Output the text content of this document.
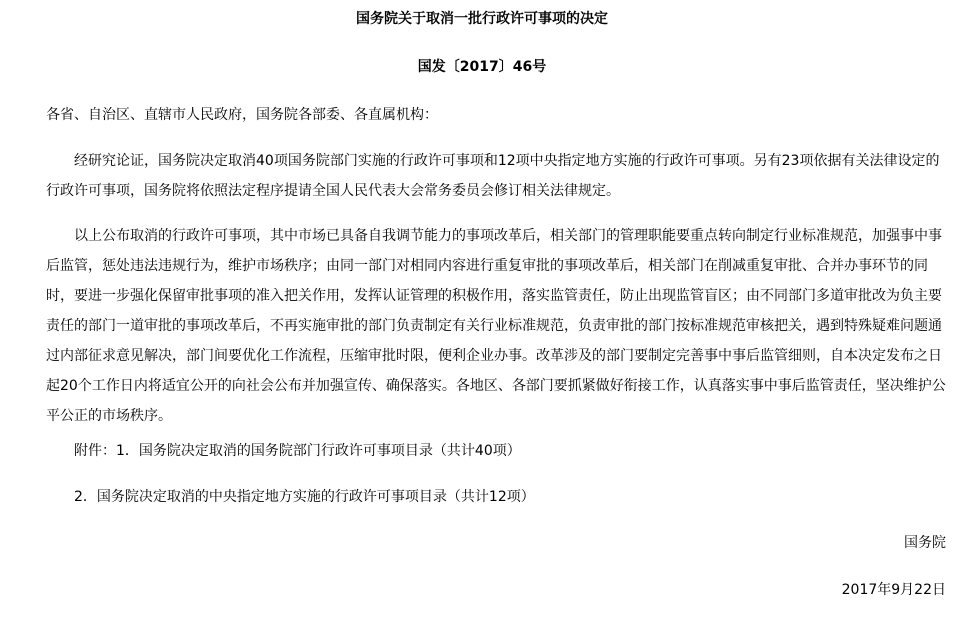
国务院关于取消一批行政许可事项的决定
国发〔2017〕46号
各省、自治区、直辖市人民政府，国务院各部委、各直属机构：

经研究论证，国务院决定取消40项国务院部门实施的行政许可事项和12项中央指定地方实施的行政许可事项。另有23项依据有关法律设定的行政许可事项，国务院将依照法定程序提请全国人民代表大会常务委员会修订相关法律规定。

以上公布取消的行政许可事项，其中市场已具备自我调节能力的事项改革后，相关部门的管理职能要重点转向制定行业标准规范，加强事中事后监管，惩处违法违规行为，维护市场秩序；由同一部门对相同内容进行重复审批的事项改革后，相关部门在削减重复审批、合并办事环节的同时，要进一步强化保留审批事项的准入把关作用，发挥认证管理的积极作用，落实监管责任，防止出现监管盲区；由不同部门多道审批改为负主要责任的部门一道审批的事项改革后，不再实施审批的部门负责制定有关行业标准规范，负责审批的部门按标准规范审核把关，遇到特殊疑难问题通过内部征求意见解决，部门间要优化工作流程，压缩审批时限，便利企业办事。改革涉及的部门要制定完善事中事后监管细则，自本决定发布之日起20个工作日内将适宜公开的向社会公布并加强宣传、确保落实。各地区、各部门要抓紧做好衔接工作，认真落实事中事后监管责任，坚决维护公平公正的市场秩序。

附件：1．国务院决定取消的国务院部门行政许可事项目录（共计40项）
2．国务院决定取消的中央指定地方实施的行政许可事项目录（共计12项）
国务院
2017年9月22日
